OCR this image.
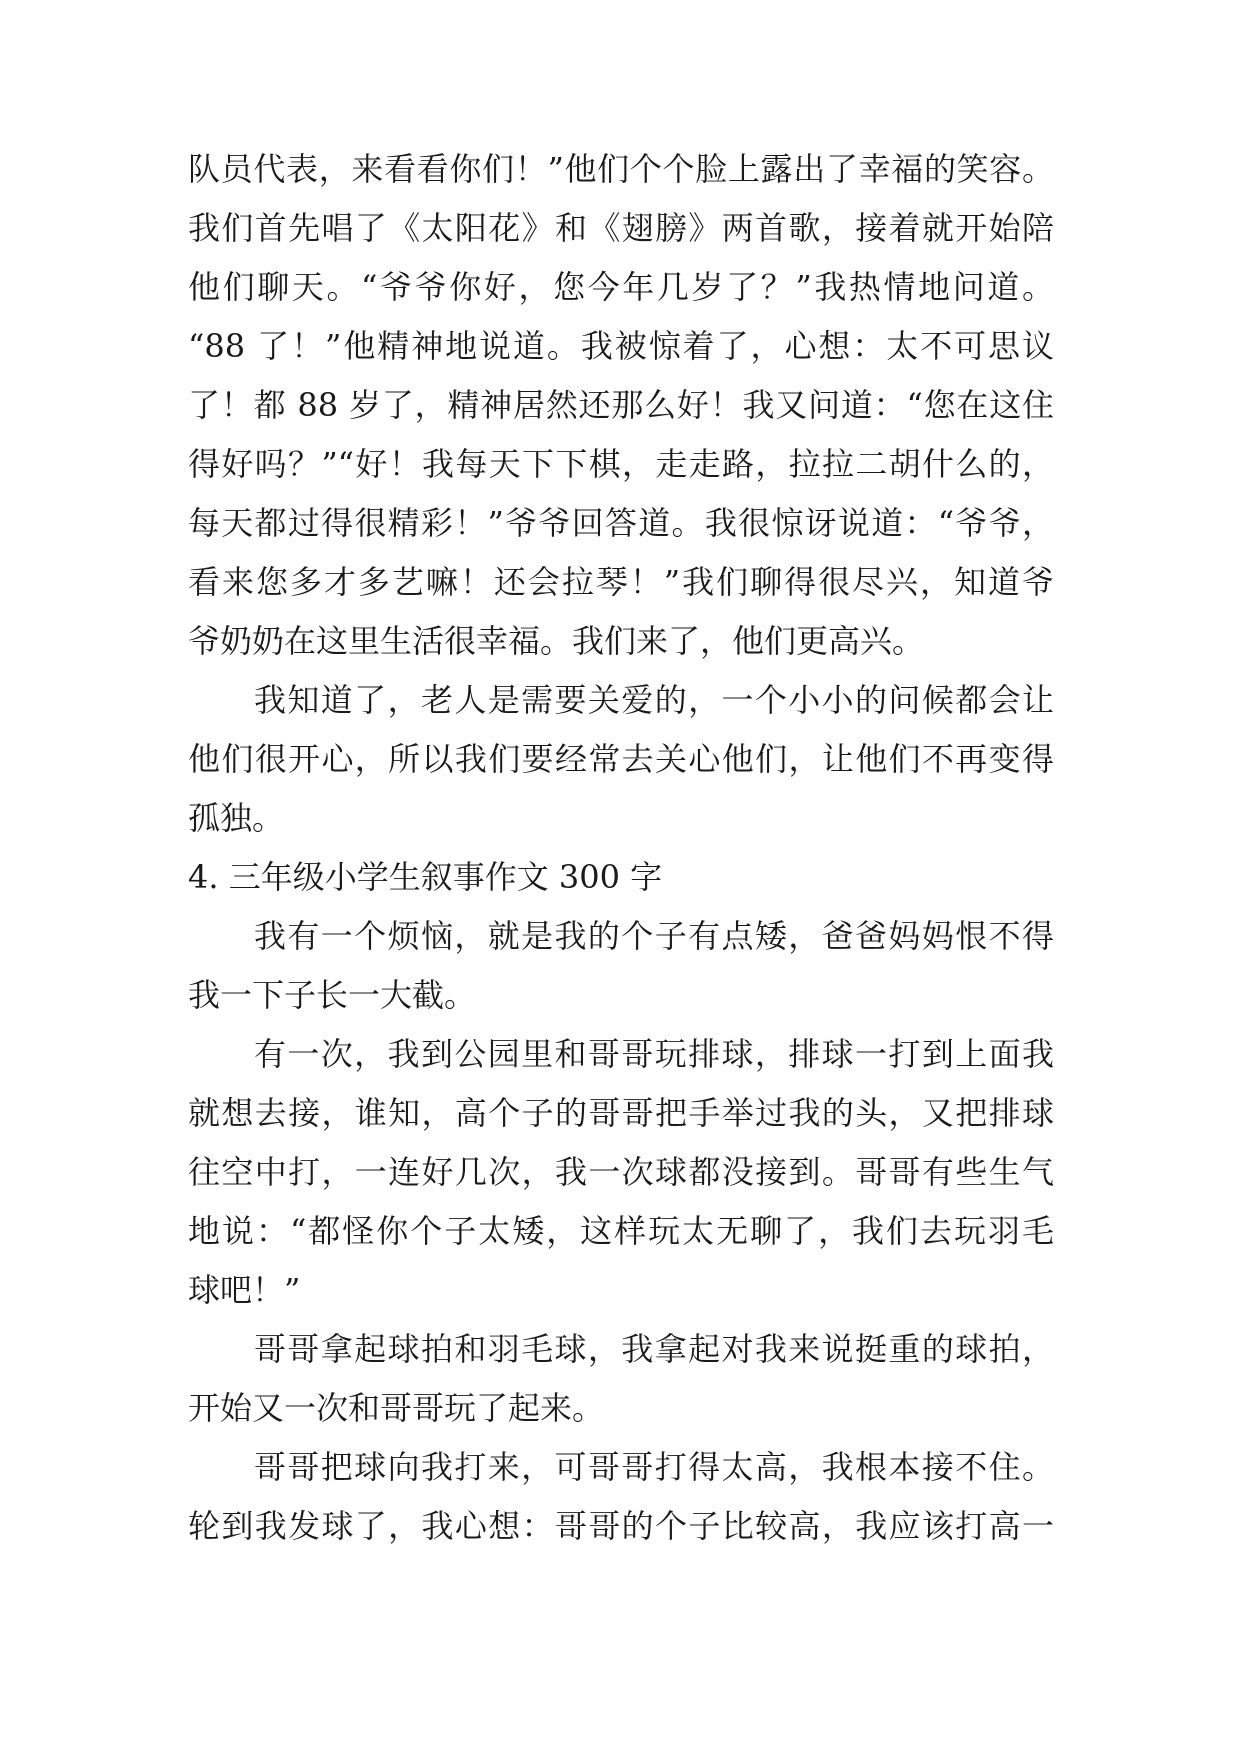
队员代表，来看看你们！”他们个个脸上露出了幸福的笑容。
我们首先唱了《太阳花》和《翅膀》两首歌，接着就开始陪
他们聊天。“爷爷你好，您今年几岁了？”我热情地问道。
“88 了！”他精神地说道。我被惊着了，心想：太不可思议
了！都 88 岁了，精神居然还那么好！我又问道：“您在这住
得好吗？”“好！我每天下下棋，走走路，拉拉二胡什么的，
每天都过得很精彩！”爷爷回答道。我很惊讶说道：“爷爷，
看来您多才多艺嘛！还会拉琴！”我们聊得很尽兴，知道爷
爷奶奶在这里生活很幸福。我们来了，他们更高兴。
我知道了，老人是需要关爱的，一个小小的问候都会让
他们很开心，所以我们要经常去关心他们，让他们不再变得
孤独。
4. 三年级小学生叙事作文 300 字
我有一个烦恼，就是我的个子有点矮，爸爸妈妈恨不得
我一下子长一大截。
有一次，我到公园里和哥哥玩排球，排球一打到上面我
就想去接，谁知，高个子的哥哥把手举过我的头，又把排球
往空中打，一连好几次，我一次球都没接到。哥哥有些生气
地说：“都怪你个子太矮，这样玩太无聊了，我们去玩羽毛
球吧！”
哥哥拿起球拍和羽毛球，我拿起对我来说挺重的球拍，
开始又一次和哥哥玩了起来。
哥哥把球向我打来，可哥哥打得太高，我根本接不住。
轮到我发球了，我心想：哥哥的个子比较高，我应该打高一
